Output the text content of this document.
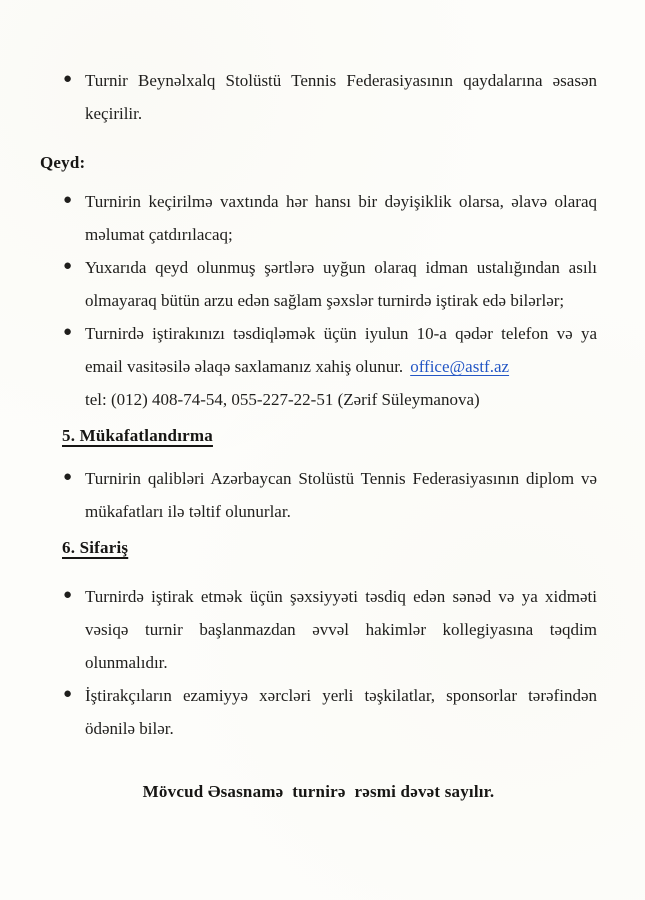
● Turnir Beynəlxalq Stolüstü Tennis Federasiyasının qaydalarına əsasən keçirilir.
Qeyd:
● Turnirin keçirilmə vaxtında hər hansı bir dəyişiklik olarsa, əlavə olaraq məlumat çatdırılacaq;
● Yuxarıda qeyd olunmuş şərtlərə uyğun olaraq idman ustalığından asılı olmayaraq bütün arzu edən sağlam şəxslər turnirdə iştirak edə bilərlər;
● Turnirdə iştirakınızı təsdiqləmək üçün iyulun 10-a qədər telefon və ya email vasitəsilə əlaqə saxlamanız xahiş olunur. office@astf.az
tel: (012) 408-74-54, 055-227-22-51 (Zərif Süleymanova)
5. Mükafatlandırma
● Turnirin qalibləri Azərbaycan Stolüstü Tennis Federasiyasının diplom və mükafatları ilə təltif olunurlar.
6. Sifariş
● Turnirdə iştirak etmək üçün şəxsiyyəti təsdiq edən sənəd və ya xidməti vəsiqə turnir başlanmazdan əvvəl hakimlər kollegiyasına təqdim olunmalıdır.
● İştirakçıların ezamiyyə xərcləri yerli təşkilatlar, sponsorlar tərəfindən ödənilə bilər.
Mövcud Əsasnamə  turnirə  rəsmi dəvət sayılır.
